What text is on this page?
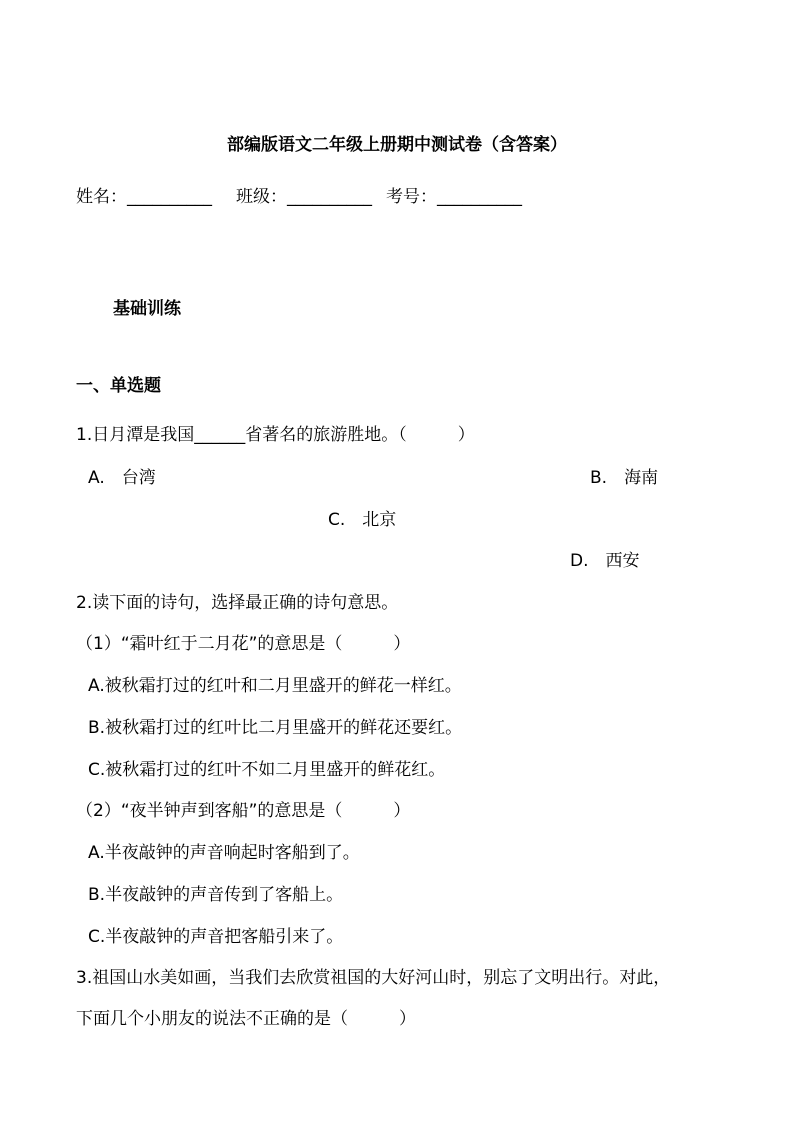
部编版语文二年级上册期中测试卷（含答案）
姓名：__________ 班级：__________ 考号：__________
基础训练
一、单选题
1.日月潭是我国______省著名的旅游胜地。（　　　）
A.　台湾	B.　海南
C.　北京
D.　西安
2.读下面的诗句，选择最正确的诗句意思。
（1）“霜叶红于二月花”的意思是（　　　）
A.被秋霜打过的红叶和二月里盛开的鲜花一样红。
B.被秋霜打过的红叶比二月里盛开的鲜花还要红。
C.被秋霜打过的红叶不如二月里盛开的鲜花红。
（2）“夜半钟声到客船”的意思是（　　　）
A.半夜敲钟的声音响起时客船到了。
B.半夜敲钟的声音传到了客船上。
C.半夜敲钟的声音把客船引来了。
3.祖国山水美如画，当我们去欣赏祖国的大好河山时，别忘了文明出行。对此，
下面几个小朋友的说法不正确的是（　　　）
